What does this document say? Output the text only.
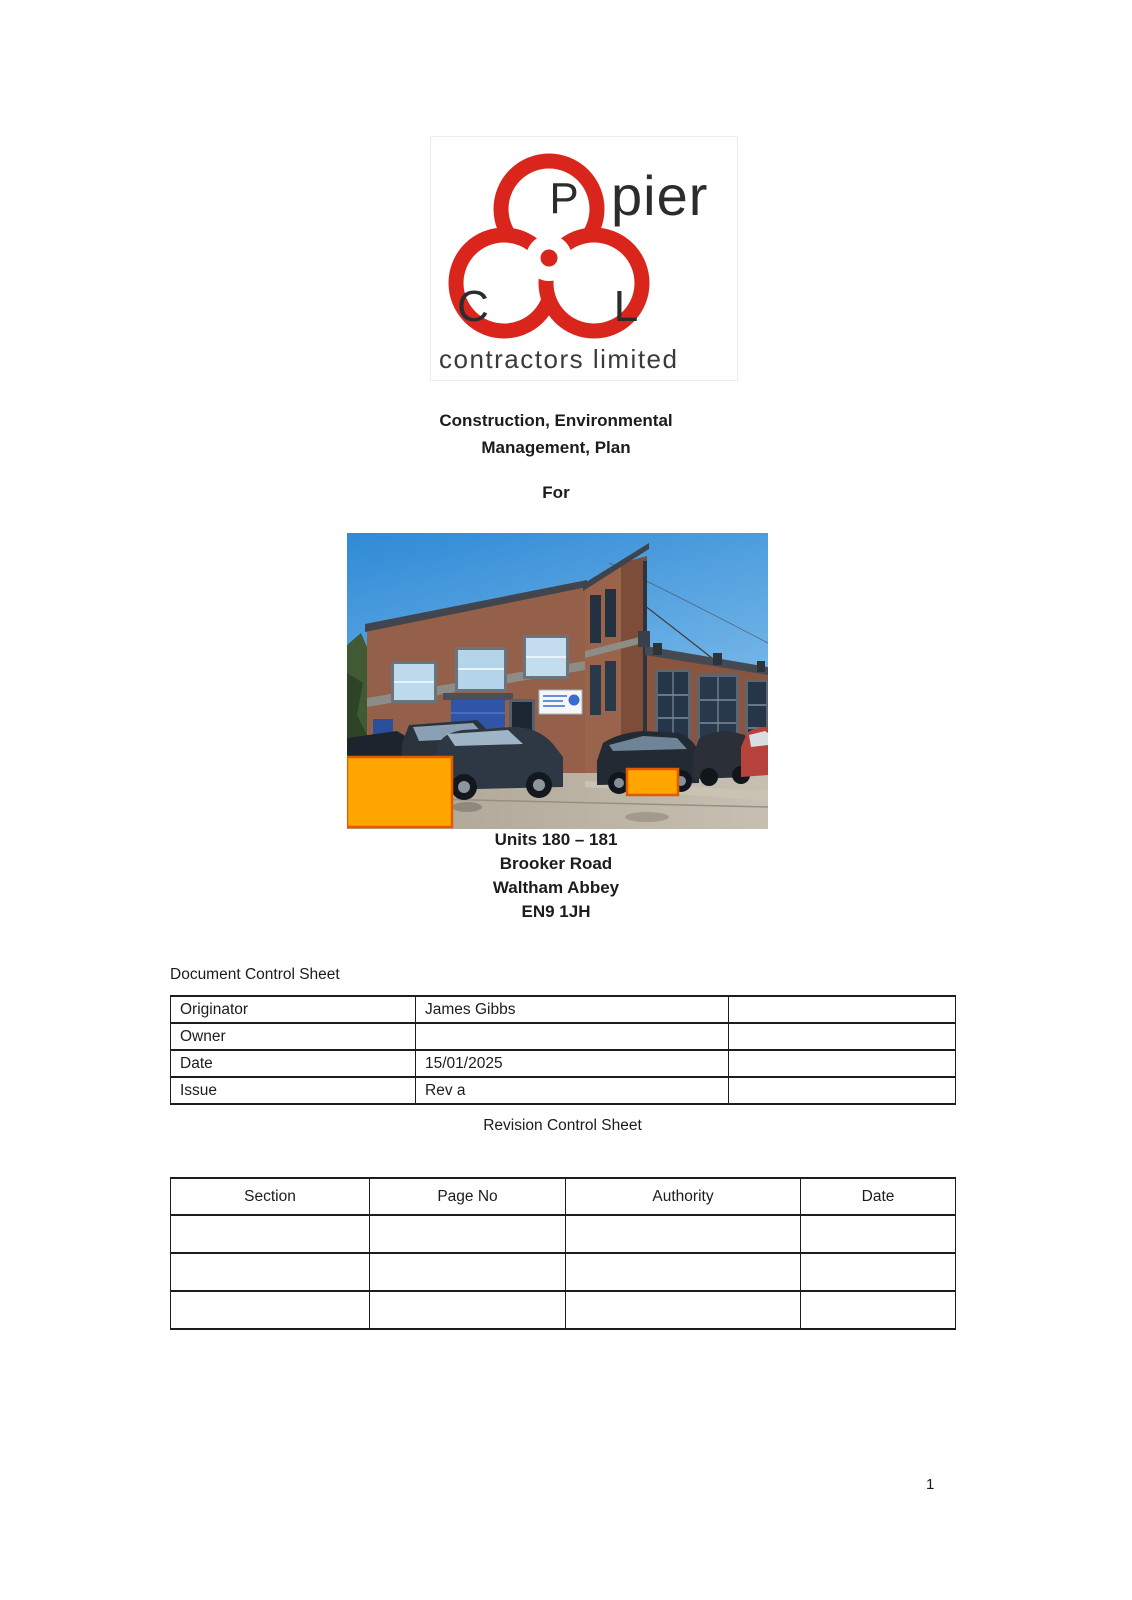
P
C	L
pier
contractors limited
Construction, Environmental
Management, Plan
For
Units 180 – 181
Brooker Road
Waltham Abbey
EN9 1JH
Document Control Sheet
Originator	James Gibbs	
Owner		
Date	15/01/2025	
Issue	Rev a	
Revision Control Sheet
Section	Page No	Authority	Date

1
